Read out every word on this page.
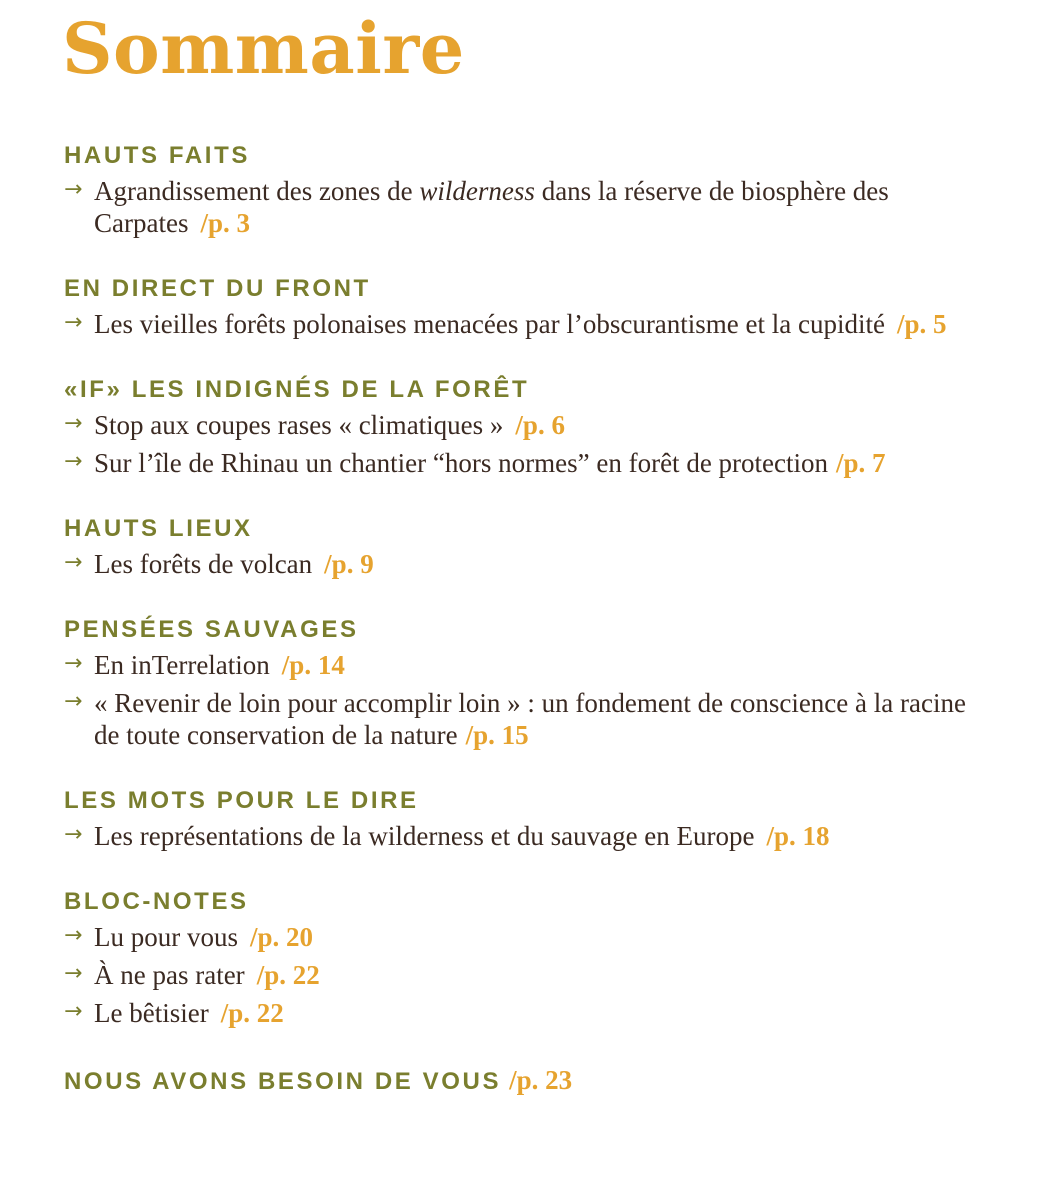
Sommaire
HAUTS FAITS
→ Agrandissement des zones de wilderness dans la réserve de biosphère des Carpates /p. 3
EN DIRECT DU FRONT
→ Les vieilles forêts polonaises menacées par l’obscurantisme et la cupidité /p. 5
«IF» LES INDIGNÉS DE LA FORÊT
→ Stop aux coupes rases « climatiques » /p. 6
→ Sur l’île de Rhinau un chantier “hors normes” en forêt de protection /p. 7
HAUTS LIEUX
→ Les forêts de volcan /p. 9
PENSÉES SAUVAGES
→ En inTerrelation /p. 14
→ « Revenir de loin pour accomplir loin » : un fondement de conscience à la racine de toute conservation de la nature /p. 15
LES MOTS POUR LE DIRE
→ Les représentations de la wilderness et du sauvage en Europe /p. 18
BLOC-NOTES
→ Lu pour vous /p. 20
→ À ne pas rater /p. 22
→ Le bêtisier /p. 22
NOUS AVONS BESOIN DE VOUS /p. 23
